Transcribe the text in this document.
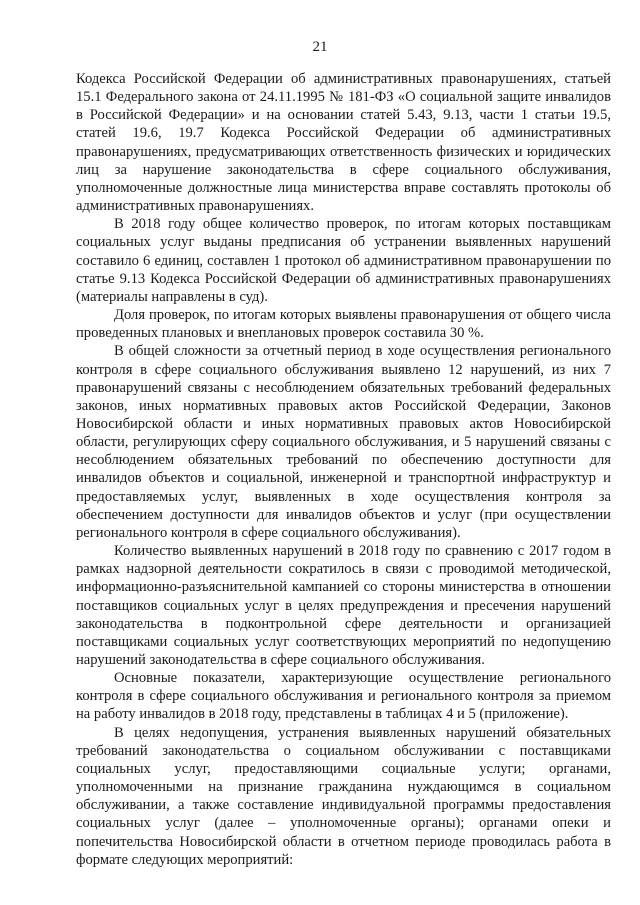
21

Кодекса Российской Федерации об административных правонарушениях, статьей 15.1 Федерального закона от 24.11.1995 № 181-ФЗ «О социальной защите инвалидов в Российской Федерации» и на основании статей 5.43, 9.13, части 1 статьи 19.5, статей 19.6, 19.7 Кодекса Российской Федерации об административных правонарушениях, предусматривающих ответственность физических и юридических лиц за нарушение законодательства в сфере социального обслуживания, уполномоченные должностные лица министерства вправе составлять протоколы об административных правонарушениях.

В 2018 году общее количество проверок, по итогам которых поставщикам социальных услуг выданы предписания об устранении выявленных нарушений составило 6 единиц, составлен 1 протокол об административном правонарушении по статье 9.13 Кодекса Российской Федерации об административных правонарушениях (материалы направлены в суд).

Доля проверок, по итогам которых выявлены правонарушения от общего числа проведенных плановых и внеплановых проверок составила 30 %.

В общей сложности за отчетный период в ходе осуществления регионального контроля в сфере социального обслуживания выявлено 12 нарушений, из них 7 правонарушений связаны с несоблюдением обязательных требований федеральных законов, иных нормативных правовых актов Российской Федерации, Законов Новосибирской области и иных нормативных правовых актов Новосибирской области, регулирующих сферу социального обслуживания, и 5 нарушений связаны с несоблюдением обязательных требований по обеспечению доступности для инвалидов объектов и социальной, инженерной и транспортной инфраструктур и предоставляемых услуг, выявленных в ходе осуществления контроля за обеспечением доступности для инвалидов объектов и услуг (при осуществлении регионального контроля в сфере социального обслуживания).

Количество выявленных нарушений в 2018 году по сравнению с 2017 годом в рамках надзорной деятельности сократилось в связи с проводимой методической, информационно-разъяснительной кампанией со стороны министерства в отношении поставщиков социальных услуг в целях предупреждения и пресечения нарушений законодательства в подконтрольной сфере деятельности и организацией поставщиками социальных услуг соответствующих мероприятий по недопущению нарушений законодательства в сфере социального обслуживания.

Основные показатели, характеризующие осуществление регионального контроля в сфере социального обслуживания и регионального контроля за приемом на работу инвалидов в 2018 году, представлены в таблицах 4 и 5 (приложение).

В целях недопущения, устранения выявленных нарушений обязательных требований законодательства о социальном обслуживании с поставщиками социальных услуг, предоставляющими социальные услуги; органами, уполномоченными на признание гражданина нуждающимся в социальном обслуживании, а также составление индивидуальной программы предоставления социальных услуг (далее – уполномоченные органы); органами опеки и попечительства Новосибирской области в отчетном периоде проводилась работа в формате следующих мероприятий:
